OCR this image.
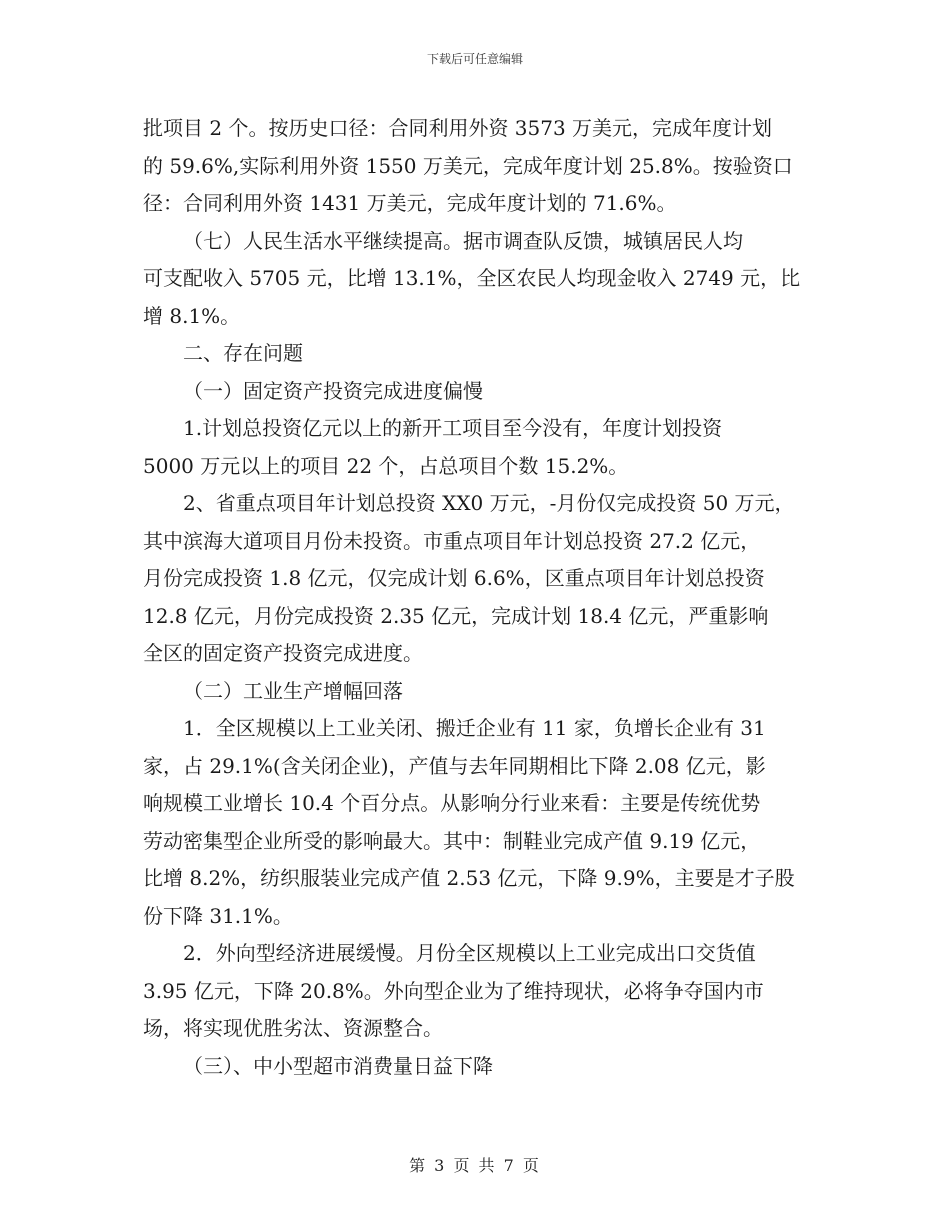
下载后可任意编辑
批项目 2 个。按历史口径：合同利用外资 3573 万美元，完成年度计划
的 59.6%,实际利用外资 1550 万美元，完成年度计划 25.8%。按验资口
径：合同利用外资 1431 万美元，完成年度计划的 71.6%。
（七）人民生活水平继续提高。据市调查队反馈，城镇居民人均
可支配收入 5705 元，比增 13.1%，全区农民人均现金收入 2749 元，比
增 8.1%。
二、存在问题
（一）固定资产投资完成进度偏慢
1.计划总投资亿元以上的新开工项目至今没有，年度计划投资
5000 万元以上的项目 22 个，占总项目个数 15.2%。
2、省重点项目年计划总投资 XX0 万元，-月份仅完成投资 50 万元，
其中滨海大道项目月份未投资。市重点项目年计划总投资 27.2 亿元，
月份完成投资 1.8 亿元，仅完成计划 6.6%，区重点项目年计划总投资
12.8 亿元，月份完成投资 2.35 亿元，完成计划 18.4 亿元，严重影响
全区的固定资产投资完成进度。
（二）工业生产增幅回落
1．全区规模以上工业关闭、搬迁企业有 11 家，负增长企业有 31
家，占 29.1%(含关闭企业)，产值与去年同期相比下降 2.08 亿元，影
响规模工业增长 10.4 个百分点。从影响分行业来看：主要是传统优势
劳动密集型企业所受的影响最大。其中：制鞋业完成产值 9.19 亿元，
比增 8.2%，纺织服装业完成产值 2.53 亿元，下降 9.9%，主要是才子股
份下降 31.1%。
2．外向型经济进展缓慢。月份全区规模以上工业完成出口交货值
3.95 亿元，下降 20.8%。外向型企业为了维持现状，必将争夺国内市
场，将实现优胜劣汰、资源整合。
（三）、中小型超市消费量日益下降
第 3 页 共 7 页
